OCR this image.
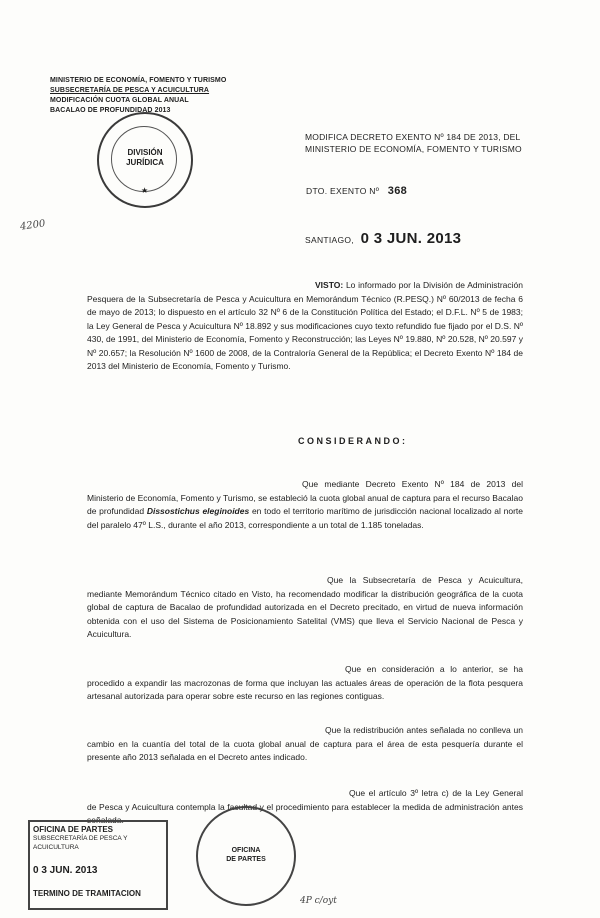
MINISTERIO DE ECONOMÍA, FOMENTO Y TURISMO
SUBSECRETARÍA DE PESCA Y ACUICULTURA
MODIFICACIÓN CUOTA GLOBAL ANUAL
BACALAO DE PROFUNDIDAD 2013
DIVISIÓN
JURÍDICA
★
4200
MODIFICA DECRETO EXENTO Nº 184 DE 2013, DEL
MINISTERIO DE ECONOMÍA, FOMENTO Y TURISMO
DTO. EXENTO Nº 368
SANTIAGO, 0 3 JUN. 2013
VISTO: Lo informado por la División de Administración Pesquera de la Subsecretaría de Pesca y Acuicultura en Memorándum Técnico (R.PESQ.) Nº 60/2013 de fecha 6 de mayo de 2013; lo dispuesto en el artículo 32 Nº 6 de la Constitución Política del Estado; el D.F.L. Nº 5 de 1983; la Ley General de Pesca y Acuicultura Nº 18.892 y sus modificaciones cuyo texto refundido fue fijado por el D.S. Nº 430, de 1991, del Ministerio de Economía, Fomento y Reconstrucción; las Leyes Nº 19.880, Nº 20.528, Nº 20.597 y Nº 20.657; la Resolución Nº 1600 de 2008, de la Contraloría General de la República; el Decreto Exento Nº 184 de 2013 del Ministerio de Economía, Fomento y Turismo.
CONSIDERANDO:
Que mediante Decreto Exento Nº 184 de 2013 del Ministerio de Economía, Fomento y Turismo, se estableció la cuota global anual de captura para el recurso Bacalao de profundidad Dissostichus eleginoides en todo el territorio marítimo de jurisdicción nacional localizado al norte del paralelo 47º L.S., durante el año 2013, correspondiente a un total de 1.185 toneladas.
Que la Subsecretaría de Pesca y Acuicultura, mediante Memorándum Técnico citado en Visto, ha recomendado modificar la distribución geográfica de la cuota global de captura de Bacalao de profundidad autorizada en el Decreto precitado, en virtud de nueva información obtenida con el uso del Sistema de Posicionamiento Satelital (VMS) que lleva el Servicio Nacional de Pesca y Acuicultura.
Que en consideración a lo anterior, se ha procedido a expandir las macrozonas de forma que incluyan las actuales áreas de operación de la flota pesquera artesanal autorizada para operar sobre este recurso en las regiones contiguas.
Que la redistribución antes señalada no conlleva un cambio en la cuantía del total de la cuota global anual de captura para el área de esta pesquería durante el presente año 2013 señalada en el Decreto antes indicado.
Que el artículo 3º letra c) de la Ley General de Pesca y Acuicultura contempla la facultad y el procedimiento para establecer la medida de administración antes señalada.
OFICINA DE PARTES
SUBSECRETARÍA DE PESCA Y ACUICULTURA
0 3 JUN. 2013
TERMINO DE TRAMITACION
OFICINA
DE PARTES
4P c/oyt
